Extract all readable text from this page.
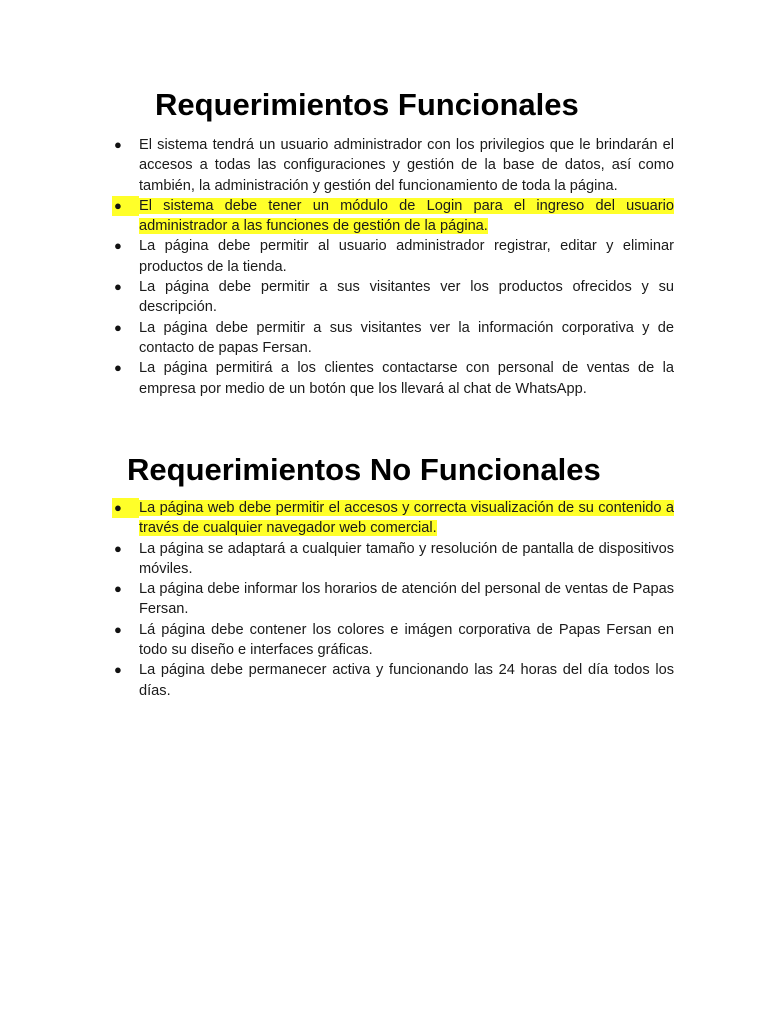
Requerimientos Funcionales
●	El sistema tendrá un usuario administrador con los privilegios que le brindarán el accesos a todas las configuraciones y gestión de la base de datos, así como también, la administración y gestión del funcionamiento de toda la página.
●	El sistema debe tener un módulo de Login para el ingreso del usuario administrador a las funciones de gestión de la página.
●	La página debe permitir al usuario administrador registrar, editar y eliminar productos de la tienda.
●	La página debe permitir a sus visitantes ver los productos ofrecidos y su descripción.
●	La página debe permitir a sus visitantes ver la información corporativa y de contacto de papas Fersan.
●	La página permitirá a los clientes contactarse con personal de ventas de la empresa por medio de un botón que los llevará al chat de WhatsApp.
Requerimientos No Funcionales
●	La página web debe permitir el accesos y correcta visualización de su contenido a través de cualquier navegador web comercial.
●	La página se adaptará a cualquier tamaño y resolución de pantalla de dispositivos móviles.
●	La página debe informar los horarios de atención del personal de ventas de Papas Fersan.
●	Lá página debe contener los colores e imágen corporativa de Papas Fersan en todo su diseño e interfaces gráficas.
●	La página debe permanecer activa y funcionando las 24 horas del día todos los días.
